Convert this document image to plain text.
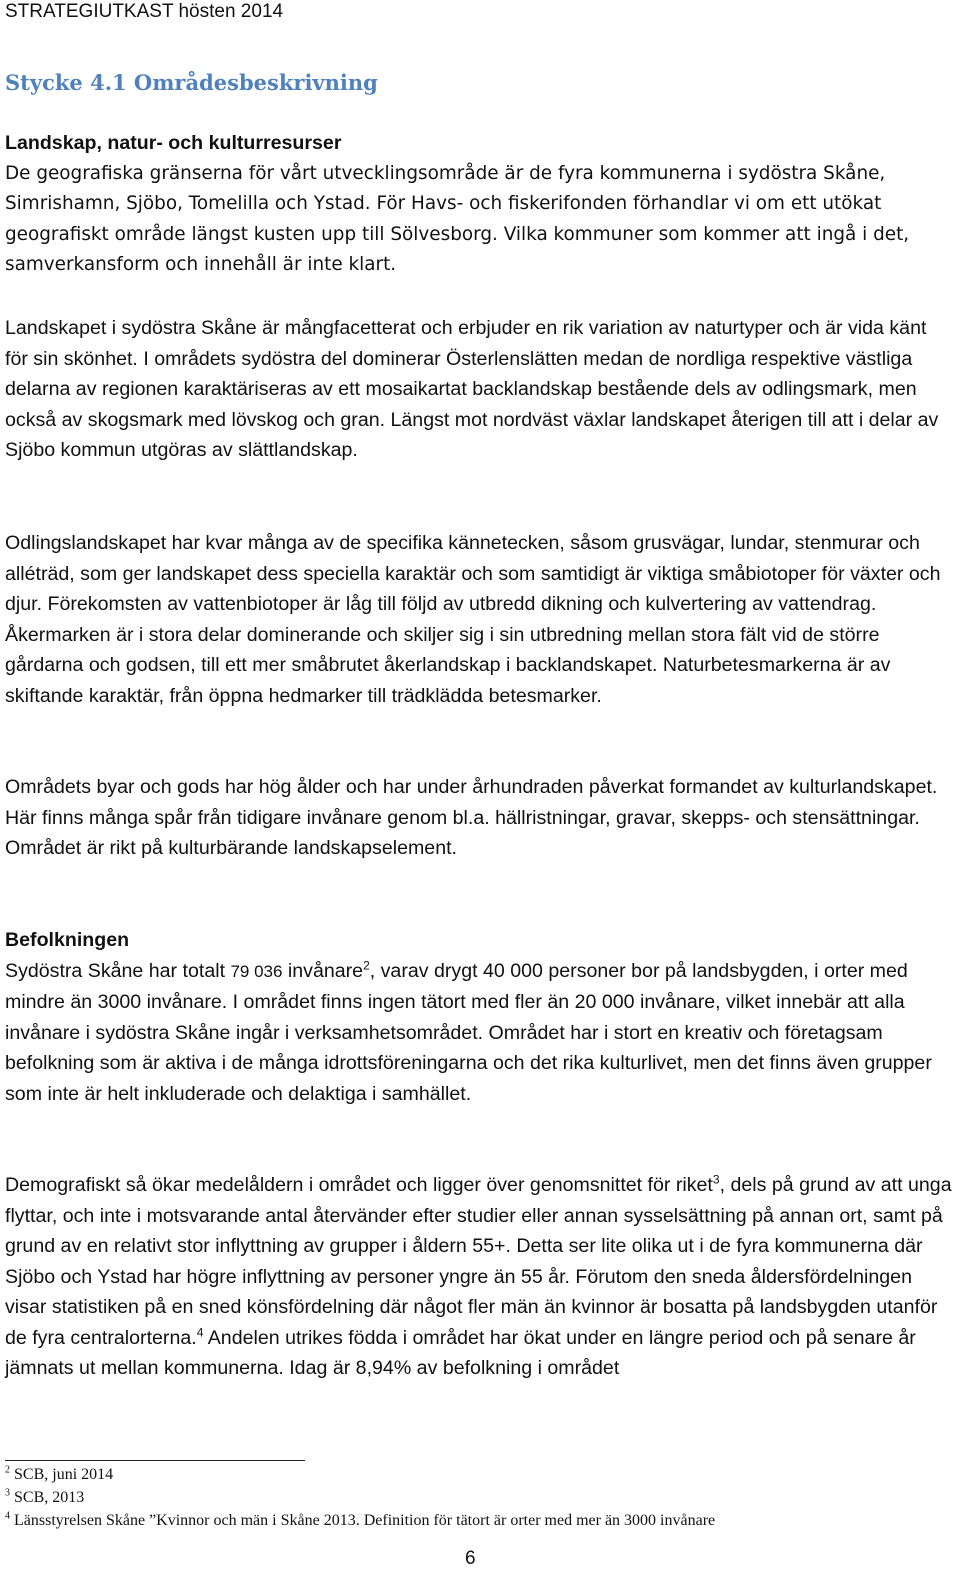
STRATEGIUTKAST hösten 2014
Stycke 4.1 Områdesbeskrivning
Landskap, natur- och kulturresurser
De geografiska gränserna för vårt utvecklingsområde är de fyra kommunerna i sydöstra Skåne, Simrishamn, Sjöbo, Tomelilla och Ystad. För Havs- och fiskerifonden förhandlar vi om ett utökat geografiskt område längst kusten upp till Sölvesborg. Vilka kommuner som kommer att ingå i det, samverkansform och innehåll är inte klart.
Landskapet i sydöstra Skåne är mångfacetterat och erbjuder en rik variation av naturtyper och är vida känt för sin skönhet. I områdets sydöstra del dominerar Österlenslätten medan de nordliga respektive västliga delarna av regionen karaktäriseras av ett mosaikartat backlandskap bestående dels av odlingsmark, men också av skogsmark med lövskog och gran. Längst mot nordväst växlar landskapet återigen till att i delar av Sjöbo kommun utgöras av slättlandskap.
Odlingslandskapet har kvar många av de specifika kännetecken, såsom grusvägar, lundar, stenmurar och alléträd, som ger landskapet dess speciella karaktär och som samtidigt är viktiga småbiotoper för växter och djur. Förekomsten av vattenbiotoper är låg till följd av utbredd dikning och kulvertering av vattendrag. Åkermarken är i stora delar dominerande och skiljer sig i sin utbredning mellan stora fält vid de större gårdarna och godsen, till ett mer småbrutet åkerlandskap i backlandskapet. Naturbetesmarkerna är av skiftande karaktär, från öppna hedmarker till trädklädda betesmarker.
Områdets byar och gods har hög ålder och har under århundraden påverkat formandet av kulturlandskapet. Här finns många spår från tidigare invånare genom bl.a. hällristningar, gravar, skepps- och stensättningar. Området är rikt på kulturbärande landskapselement.
Befolkningen
Sydöstra Skåne har totalt 79 036 invånare$^2$, varav drygt 40 000 personer bor på landsbygden, i orter med mindre än 3000 invånare. I området finns ingen tätort med fler än 20 000 invånare, vilket innebär att alla invånare i sydöstra Skåne ingår i verksamhetsområdet. Området har i stort en kreativ och företagsam befolkning som är aktiva i de många idrottsföreningarna och det rika kulturlivet, men det finns även grupper som inte är helt inkluderade och delaktiga i samhället.
Demografiskt så ökar medelåldern i området och ligger över genomsnittet för riket$^3$, dels på grund av att unga flyttar, och inte i motsvarande antal återvänder efter studier eller annan sysselsättning på annan ort, samt på grund av en relativt stor inflyttning av grupper i åldern 55+. Detta ser lite olika ut i de fyra kommunerna där Sjöbo och Ystad har högre inflyttning av personer yngre än 55 år. Förutom den sneda åldersfördelningen visar statistiken på en sned könsfördelning där något fler män än kvinnor är bosatta på landsbygden utanför de fyra centralorterna.$^4$ Andelen utrikes födda i området har ökat under en längre period och på senare år jämnats ut mellan kommunerna. Idag är 8,94% av befolkning i området
$^2$ SCB, juni 2014
$^3$ SCB, 2013
$^4$ Länsstyrelsen Skåne ”Kvinnor och män i Skåne 2013. Definition för tätort är orter med mer än 3000 invånare
6
